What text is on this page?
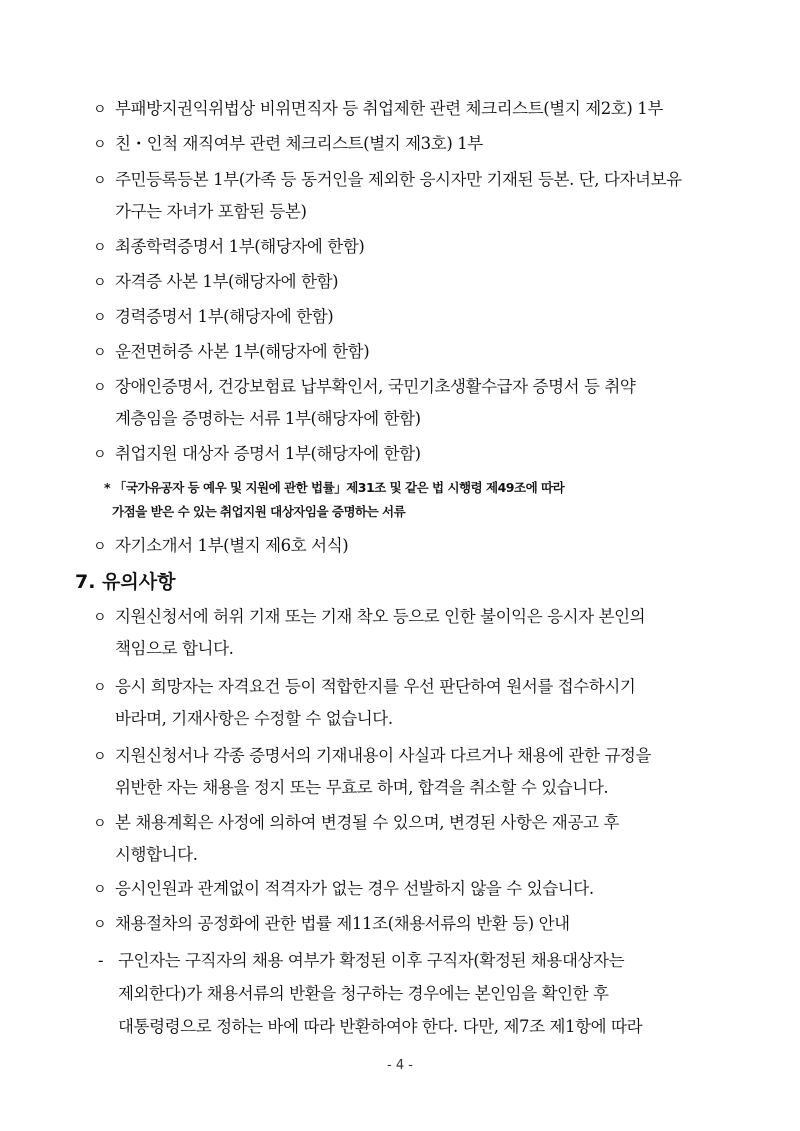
ㅇ 부패방지권익위법상 비위면직자 등 취업제한 관련 체크리스트(별지 제2호) 1부
ㅇ 친・인척 재직여부 관련 체크리스트(별지 제3호) 1부
ㅇ 주민등록등본 1부(가족 등 동거인을 제외한 응시자만 기재된 등본. 단, 다자녀보유
가구는 자녀가 포함된 등본)
ㅇ 최종학력증명서 1부(해당자에 한함)
ㅇ 자격증 사본 1부(해당자에 한함)
ㅇ 경력증명서 1부(해당자에 한함)
ㅇ 운전면허증 사본 1부(해당자에 한함)
ㅇ 장애인증명서, 건강보험료 납부확인서, 국민기초생활수급자 증명서 등 취약
계층임을 증명하는 서류 1부(해당자에 한함)
ㅇ 취업지원 대상자 증명서 1부(해당자에 한함)
* 「국가유공자 등 예우 및 지원에 관한 법률」제31조 및 같은 법 시행령 제49조에 따라
가점을 받은 수 있는 취업지원 대상자임을 증명하는 서류
ㅇ 자기소개서 1부(별지 제6호 서식)
7. 유의사항
ㅇ 지원신청서에 허위 기재 또는 기재 착오 등으로 인한 불이익은 응시자 본인의
책임으로 합니다.
ㅇ 응시 희망자는 자격요건 등이 적합한지를 우선 판단하여 원서를 접수하시기
바라며, 기재사항은 수정할 수 없습니다.
ㅇ 지원신청서나 각종 증명서의 기재내용이 사실과 다르거나 채용에 관한 규정을
위반한 자는 채용을 정지 또는 무효로 하며, 합격을 취소할 수 있습니다.
ㅇ 본 채용계획은 사정에 의하여 변경될 수 있으며, 변경된 사항은 재공고 후
시행합니다.
ㅇ 응시인원과 관계없이 적격자가 없는 경우 선발하지 않을 수 있습니다.
ㅇ 채용절차의 공정화에 관한 법률 제11조(채용서류의 반환 등) 안내
- 구인자는 구직자의 채용 여부가 확정된 이후 구직자(확정된 채용대상자는
제외한다)가 채용서류의 반환을 청구하는 경우에는 본인임을 확인한 후
대통령령으로 정하는 바에 따라 반환하여야 한다. 다만, 제7조 제1항에 따라
- 4 -
